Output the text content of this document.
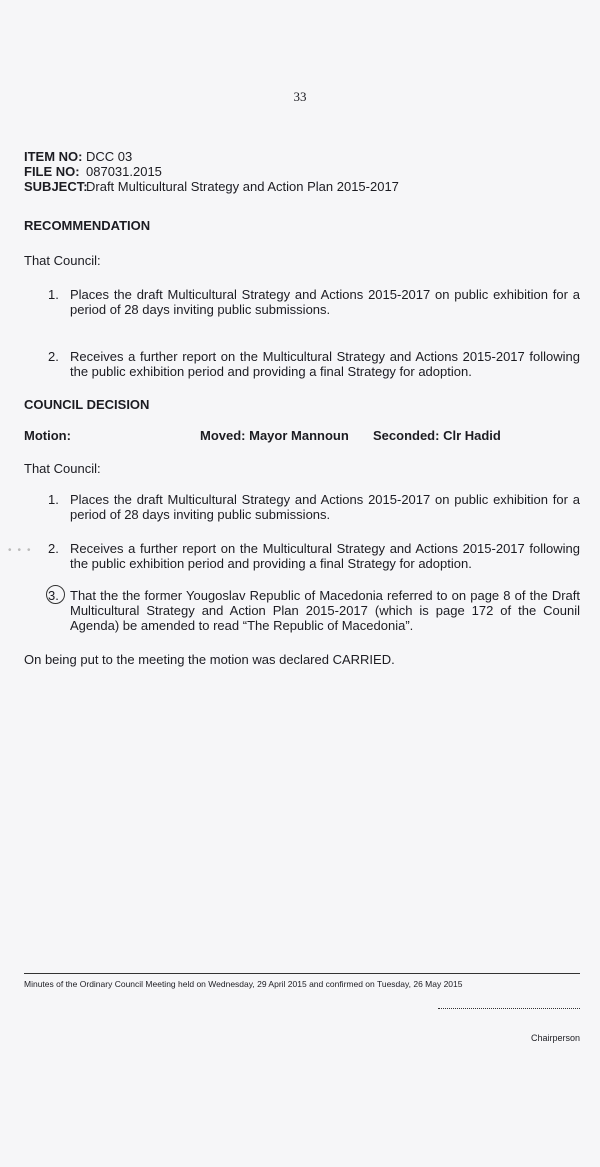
33
ITEM NO: DCC 03
FILE NO: 087031.2015
SUBJECT:Draft Multicultural Strategy and Action Plan 2015-2017
RECOMMENDATION
That Council:
1. Places the draft Multicultural Strategy and Actions 2015-2017 on public exhibition for a period of 28 days inviting public submissions.
2. Receives a further report on the Multicultural Strategy and Actions 2015-2017 following the public exhibition period and providing a final Strategy for adoption.
COUNCIL DECISION
Motion:	Moved: Mayor Mannoun Seconded: Clr Hadid
That Council:
1. Places the draft Multicultural Strategy and Actions 2015-2017 on public exhibition for a period of 28 days inviting public submissions.
••• 2. Receives a further report on the Multicultural Strategy and Actions 2015-2017 following the public exhibition period and providing a final Strategy for adoption.
3. That the the former Yougoslav Republic of Macedonia referred to on page 8 of the Draft Multicultural Strategy and Action Plan 2015-2017 (which is page 172 of the Counil Agenda) be amended to read “The Republic of Macedonia”.
On being put to the meeting the motion was declared CARRIED.
Minutes of the Ordinary Council Meeting held on Wednesday, 29 April 2015 and confirmed on Tuesday, 26 May 2015
Chairperson
